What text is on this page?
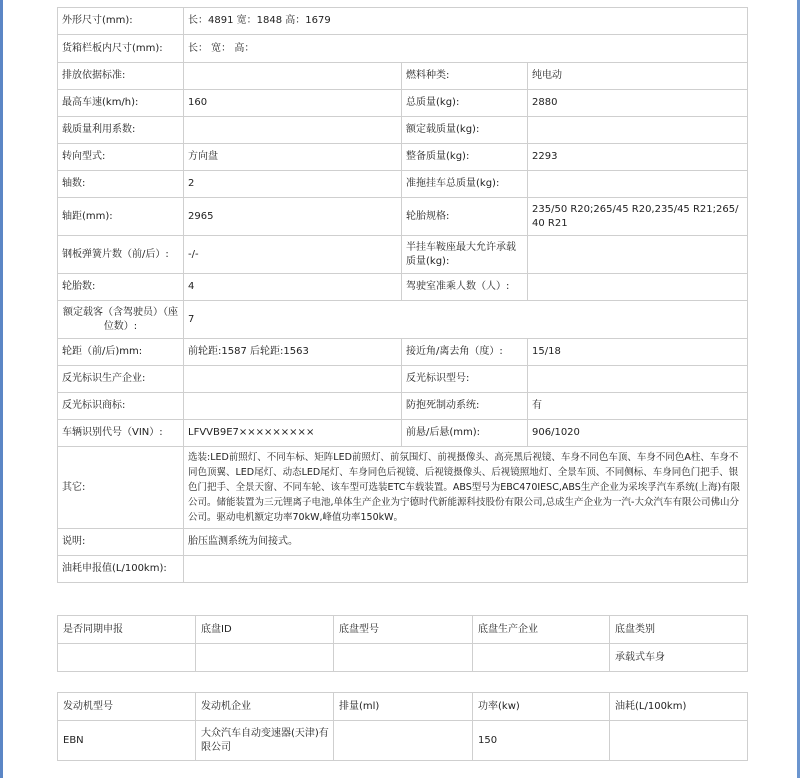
外形尺寸(mm):	长：4891 宽：1848 高：1679		
货箱栏板内尺寸(mm):	长： 宽： 高：		
排放依据标准:		燃料种类:	纯电动
最高车速(km/h):	160	总质量(kg):	2880
载质量利用系数:		额定载质量(kg):	
转向型式:	方向盘	整备质量(kg):	2293
轴数:	2	准拖挂车总质量(kg):	
轴距(mm):	2965	轮胎规格:	235/50 R20;265/45 R20,235/45 R21;265/40 R21
钢板弹簧片数（前/后）:	-/-	半挂车鞍座最大允许承载质量(kg):	
轮胎数:	4	驾驶室准乘人数（人）:	
额定载客（含驾驶员）（座位数）:	7		
轮距（前/后)mm:	前轮距:1587 后轮距:1563	接近角/离去角（度）:	15/18
反光标识生产企业:		反光标识型号:	
反光标识商标:		防抱死制动系统:	有
车辆识别代号（VIN）:	LFVVB9E7×××××××××	前悬/后悬(mm):	906/1020
其它:	选装:LED前照灯、不同车标、矩阵LED前照灯、前氛围灯、前视摄像头、高亮黑后视镜、车身不同色车顶、车身不同色A柱、车身不同色顶翼、LED尾灯、动态LED尾灯、车身同色后视镜、后视镜摄像头、后视镜照地灯、全景车顶、不同侧标、车身同色门把手、银色门把手、全景天窗、不同车轮、该车型可选装ETC车载装置。ABS型号为EBC470IESC,ABS生产企业为采埃孚汽车系统(上海)有限公司。储能装置为三元锂离子电池,单体生产企业为宁德时代新能源科技股份有限公司,总成生产企业为一汽-大众汽车有限公司佛山分公司。驱动电机额定功率70kW,峰值功率150kW。		
说明:	胎压监测系统为间接式。		
油耗申报值(L/100km):			
是否同期申报	底盘ID	底盘型号	底盘生产企业	底盘类别
				承载式车身
发动机型号	发动机企业	排量(ml)	功率(kw)	油耗(L/100km)
EBN	大众汽车自动变速器(天津)有限公司		150	
